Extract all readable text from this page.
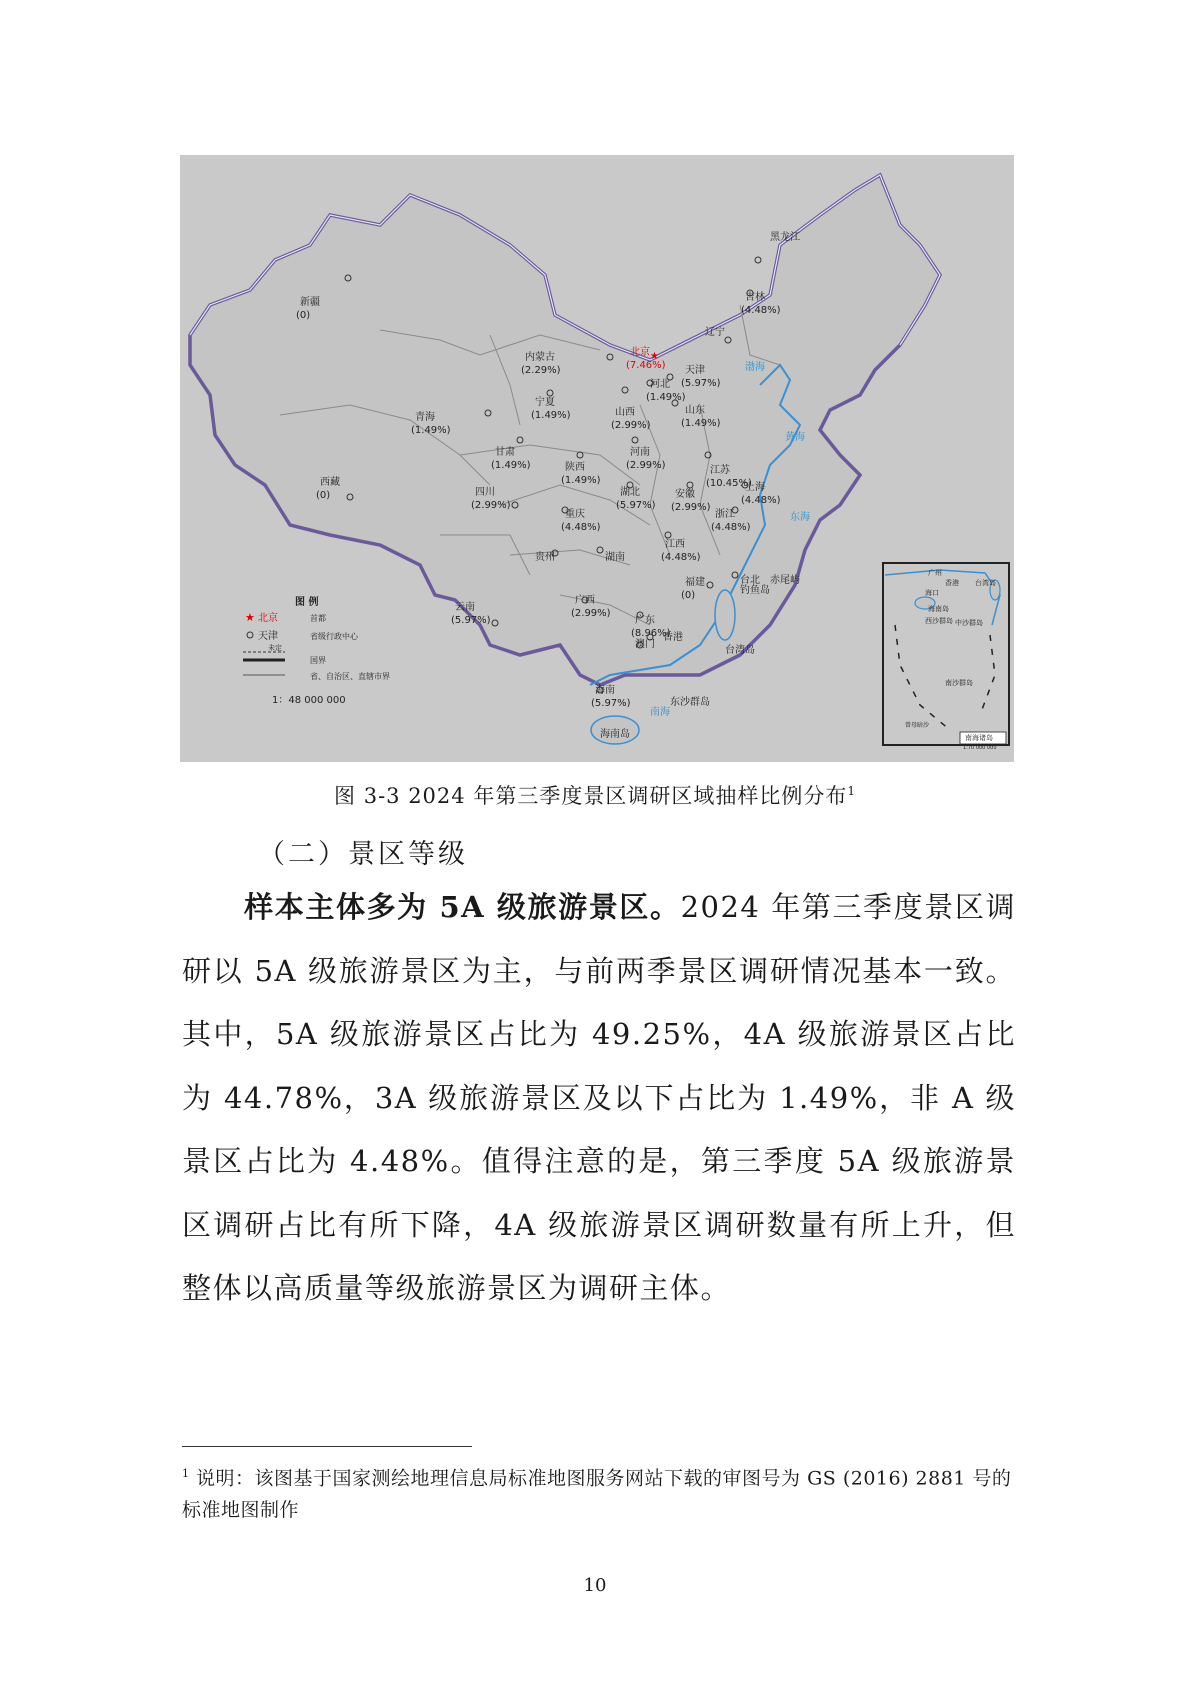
新疆
(0)
西藏
(0)
青海
(1.49%)
甘肃
(1.49%)
内蒙古
(2.29%)
宁夏
(1.49%)
陕西
(1.49%)
山西
(2.99%)
河南
(2.99%)
★
北京
(7.46%) 天津
(5.97%)
河北
(1.49%)
山东
(1.49%)
辽宁
吉林
(4.48%)
黑龙江
江苏
(10.45%)
上海
(4.48%)
安徽
(2.99%)
浙江
(4.48%)
湖北
(5.97%)
四川
(2.99%)
重庆
(4.48%)
贵州	湖南
江西
(4.48%)
福建
(0)
台北
云南
(5.97%)
广西
(2.99%)
广东
(8.96%)
香港
澳门
海南
(5.97%)
渤海
黄海
东海
南海
台湾岛
钓鱼岛
赤尾屿
东沙群岛
海南岛
图 例
★ 北京	首都
天津	省级行政中心
未定
国界
省、自治区、直辖市界
1：48 000 000
广州
香港 台湾岛
海口
海南岛
西沙群岛 中沙群岛
南沙群岛
曾母暗沙
南海诸岛
1:70 000 000
图 3-3 2024 年第三季度景区调研区域抽样比例分布$^1$
（二）景区等级
样本主体多为 5A 级旅游景区。2024 年第三季度景区调研以 5A 级旅游景区为主，与前两季景区调研情况基本一致。其中，5A 级旅游景区占比为 49.25%，4A 级旅游景区占比为 44.78%，3A 级旅游景区及以下占比为 1.49%，非 A 级景区占比为 4.48%。值得注意的是，第三季度 5A 级旅游景区调研占比有所下降，4A 级旅游景区调研数量有所上升，但整体以高质量等级旅游景区为调研主体。
$^1$ 说明：该图基于国家测绘地理信息局标准地图服务网站下载的审图号为 GS (2016) 2881 号的标准地图制作
10
